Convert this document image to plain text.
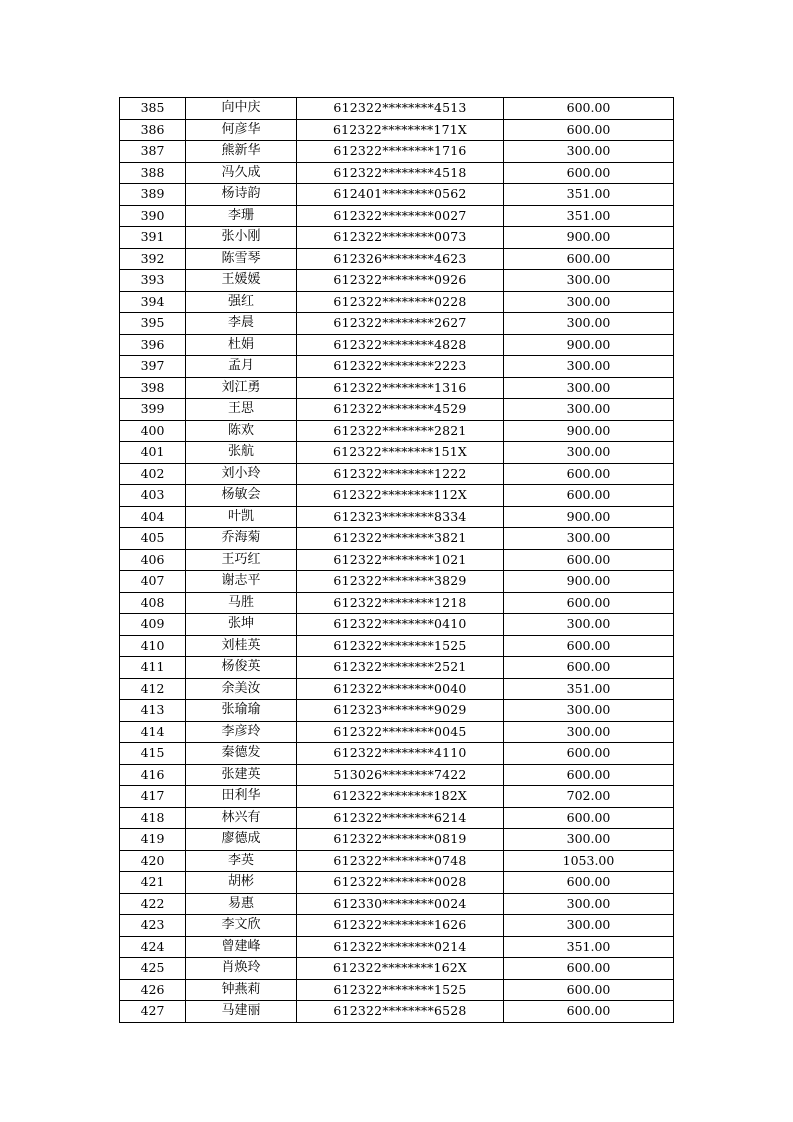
385	向中庆	612322********4513	600.00
386	何彦华	612322********171X	600.00
387	熊新华	612322********1716	300.00
388	冯久成	612322********4518	600.00
389	杨诗韵	612401********0562	351.00
390	李珊	612322********0027	351.00
391	张小刚	612322********0073	900.00
392	陈雪琴	612326********4623	600.00
393	王媛媛	612322********0926	300.00
394	强红	612322********0228	300.00
395	李晨	612322********2627	300.00
396	杜娟	612322********4828	900.00
397	孟月	612322********2223	300.00
398	刘江勇	612322********1316	300.00
399	王思	612322********4529	300.00
400	陈欢	612322********2821	900.00
401	张航	612322********151X	300.00
402	刘小玲	612322********1222	600.00
403	杨敏会	612322********112X	600.00
404	叶凯	612323********8334	900.00
405	乔海菊	612322********3821	300.00
406	王巧红	612322********1021	600.00
407	谢志平	612322********3829	900.00
408	马胜	612322********1218	600.00
409	张坤	612322********0410	300.00
410	刘桂英	612322********1525	600.00
411	杨俊英	612322********2521	600.00
412	余美汝	612322********0040	351.00
413	张瑜瑜	612323********9029	300.00
414	李彦玲	612322********0045	300.00
415	秦德发	612322********4110	600.00
416	张建英	513026********7422	600.00
417	田利华	612322********182X	702.00
418	林兴有	612322********6214	600.00
419	廖德成	612322********0819	300.00
420	李英	612322********0748	1053.00
421	胡彬	612322********0028	600.00
422	易惠	612330********0024	300.00
423	李文欣	612322********1626	300.00
424	曾建峰	612322********0214	351.00
425	肖焕玲	612322********162X	600.00
426	钟燕莉	612322********1525	600.00
427	马建丽	612322********6528	600.00
